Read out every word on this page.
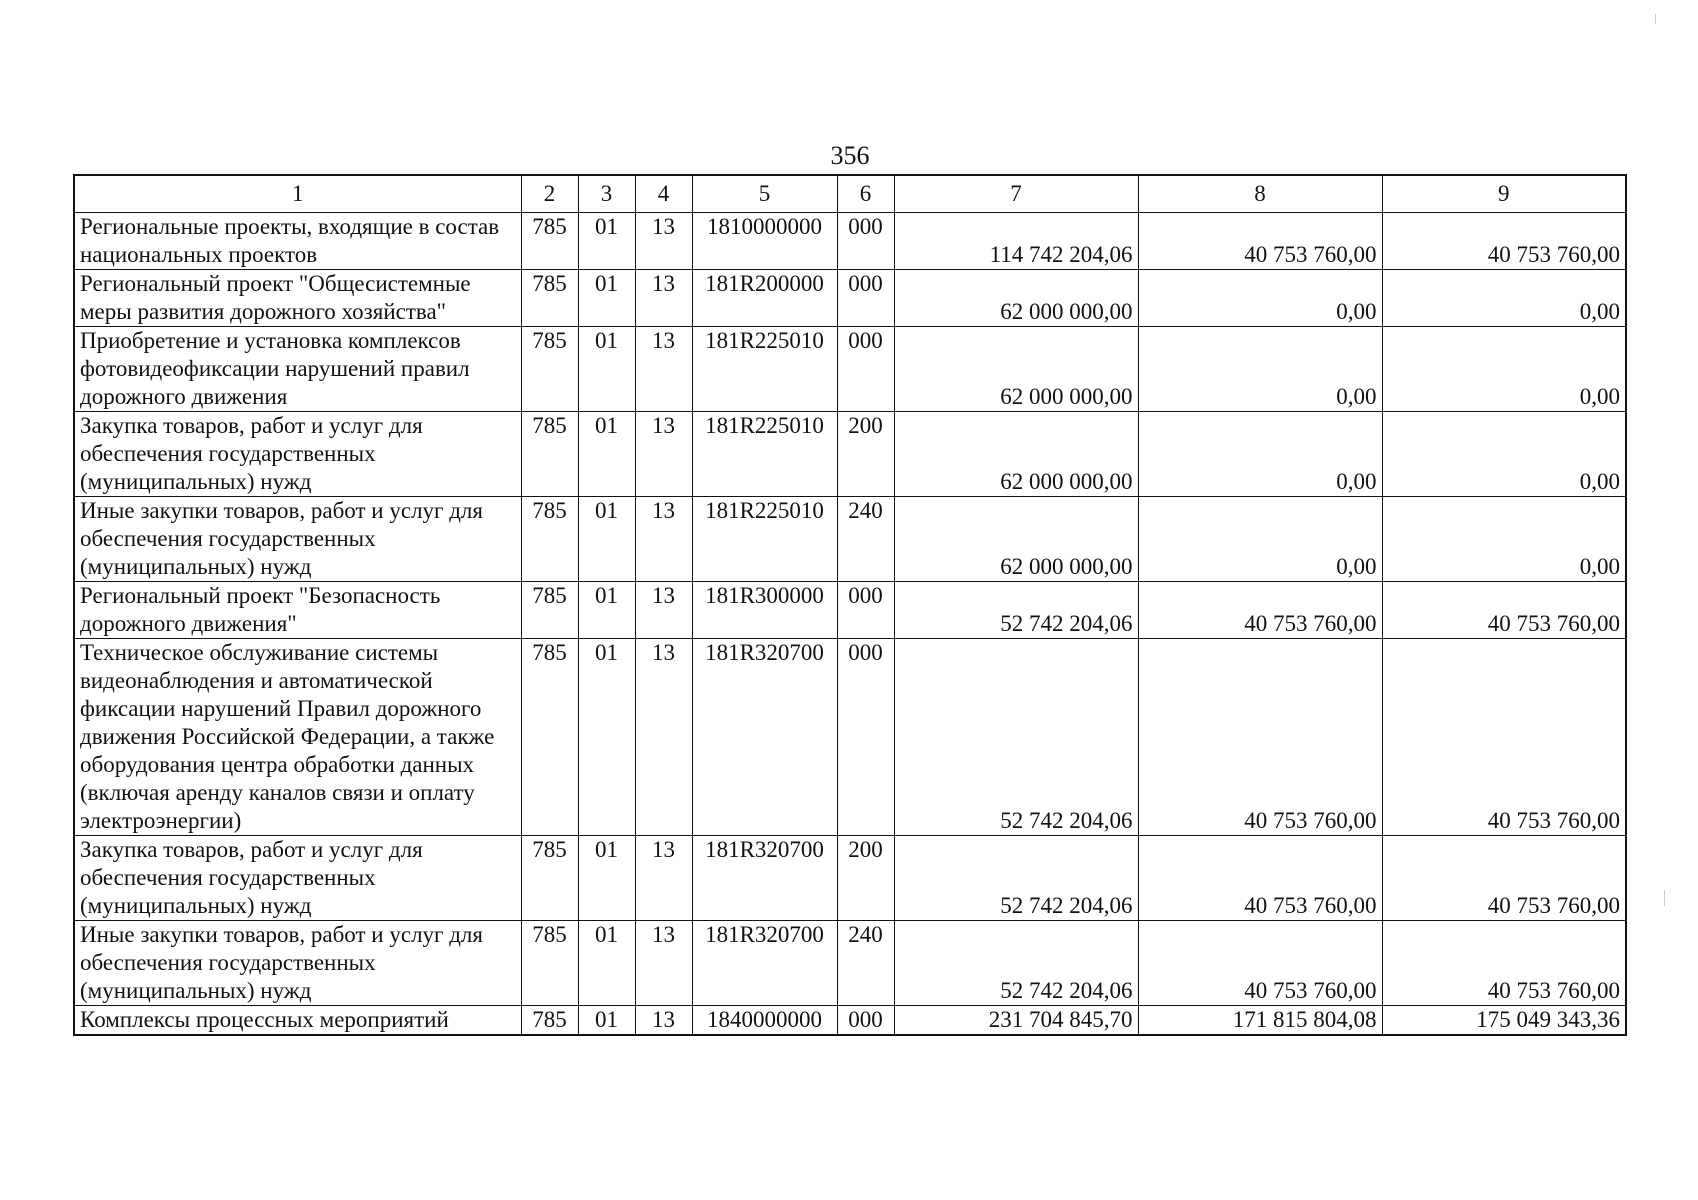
356
1	2	3	4	5	6	7	8	9
Региональные проекты, входящие в состав национальных проектов	785	01	13	1810000000	000	114 742 204,06	40 753 760,00	40 753 760,00
Региональный проект "Общесистемные меры развития дорожного хозяйства"	785	01	13	181R200000	000	62 000 000,00	0,00	0,00
Приобретение и установка комплексов фотовидеофиксации нарушений правил дорожного движения	785	01	13	181R225010	000	62 000 000,00	0,00	0,00
Закупка товаров, работ и услуг для обеспечения государственных (муниципальных) нужд	785	01	13	181R225010	200	62 000 000,00	0,00	0,00
Иные закупки товаров, работ и услуг для обеспечения государственных (муниципальных) нужд	785	01	13	181R225010	240	62 000 000,00	0,00	0,00
Региональный проект "Безопасность дорожного движения"	785	01	13	181R300000	000	52 742 204,06	40 753 760,00	40 753 760,00
Техническое обслуживание системы видеонаблюдения и автоматической фиксации нарушений Правил дорожного движения Российской Федерации, а также оборудования центра обработки данных (включая аренду каналов связи и оплату электроэнергии)	785	01	13	181R320700	000	52 742 204,06	40 753 760,00	40 753 760,00
Закупка товаров, работ и услуг для обеспечения государственных (муниципальных) нужд	785	01	13	181R320700	200	52 742 204,06	40 753 760,00	40 753 760,00
Иные закупки товаров, работ и услуг для обеспечения государственных (муниципальных) нужд	785	01	13	181R320700	240	52 742 204,06	40 753 760,00	40 753 760,00
Комплексы процессных мероприятий	785	01	13	1840000000	000	231 704 845,70	171 815 804,08	175 049 343,36
